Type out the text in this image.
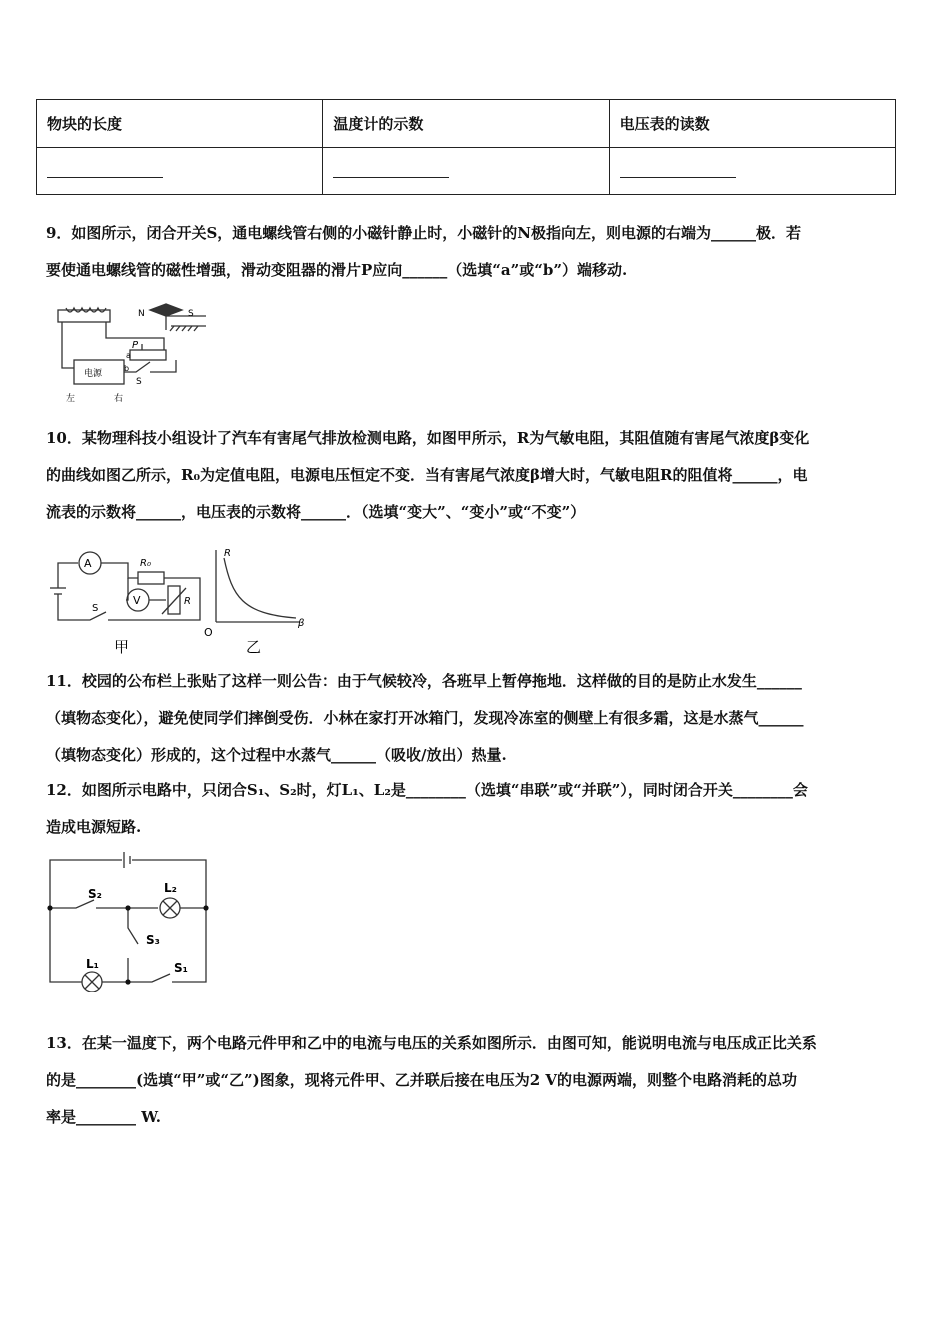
物块的长度	温度计的示数	电压表的读数

9．如图所示，闭合开关S，通电螺线管右侧的小磁针静止时，小磁针的N极指向左，则电源的右端为______极．若

要使通电螺线管的磁性增强，滑动变阻器的滑片P应向______（选填“a”或“b”）端移动.

N	S
P
S
a
b
电源
左	右

10．某物理科技小组设计了汽车有害尾气排放检测电路，如图甲所示，R为气敏电阻，其阻值随有害尾气浓度β变化

的曲线如图乙所示，R₀为定值电阻，电源电压恒定不变．当有害尾气浓度β增大时，气敏电阻R的阻值将______，电

流表的示数将______，电压表的示数将______．（选填“变大”、“变小”或“不变”）

A
V
R₀
R
S
甲	乙
R
β
O

11．校园的公布栏上张贴了这样一则公告：由于气候较冷，各班早上暂停拖地．这样做的目的是防止水发生______

（填物态变化），避免使同学们摔倒受伤．小林在家打开冰箱门，发现冷冻室的侧壁上有很多霜，这是水蒸气______

（填物态变化）形成的，这个过程中水蒸气______（吸收/放出）热量.

12．如图所示电路中，只闭合S₁、S₂时，灯L₁、L₂是________（选填“串联”或“并联”），同时闭合开关________会

造成电源短路.

S₂	L₂
S₃
L₁	S₁

13．在某一温度下，两个电路元件甲和乙中的电流与电压的关系如图所示．由图可知，能说明电流与电压成正比关系

的是________(选填“甲”或“乙”)图象，现将元件甲、乙并联后接在电压为2 V的电源两端，则整个电路消耗的总功

率是________ W.
